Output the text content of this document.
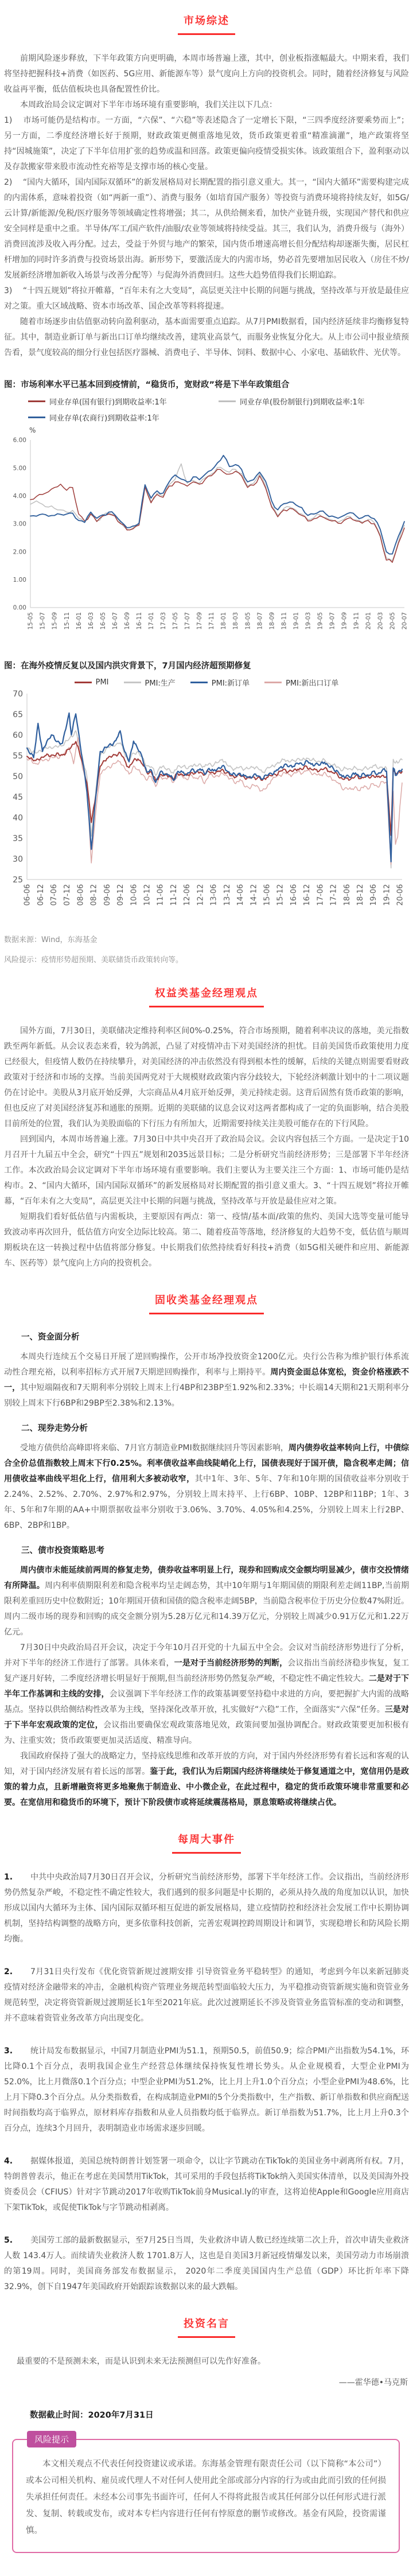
市场综述

前期风险逐步释放，下半年政策方向更明确，本周市场普遍上涨，其中，创业板指涨幅最大。中期来看，我们将坚持把握科技+消费（如医药、5G应用、新能源车等）景气度向上方向的投资机会。同时，随着经济修复与风险收益再平衡，低估值板块也具备配置性价比。

本周政治局会议定调对下半年市场环境有重要影响，我们关注以下几点：

1)　 市场可能仍是结构市。一方面，“六保”、“六稳”等表述隐含了一定增长下限，“三四季度经济要乘势而上”；另一方面，二季度经济增长好于预期，财政政策更侧重落地见效，货币政策更着重“精准滴灌”，地产政策将坚持“因城施策”，决定了下半年信用扩张的趋势或温和回落。政策更偏向疫情受损实体。该政策组合下，盈利驱动以及存款搬家带来股市流动性充裕等是支撑市场的核心变量。

2)　 “国内大循环，国内国际双循环”的新发展格局对长期配置的指引意义重大。其一，“国内大循环”需要构建完成的内需体系，意味着投资（如“两新一重”）、消费与服务（如培育国产服务）等投资与消费环境将持续友好，如5G/云计算/新能源/免税/医疗服务等领域确定性将增强；其二，从供给侧来看，加快产业链升级，实现国产替代和供应安全同样是重中之重。半导体/军工/国产软件/油服/农业等领域将持续受益。其三，我们认为，消费升级与（海外）消费回流涉及收入再分配。过去，受益于外贸与地产的繁荣，国内货币增速高增长但分配结构却逐渐失衡，居民杠杆增加的同时许多消费与投资场景出海。新形势下，要激活庞大的内需市场，势必首先要增加居民收入（房住不炒/发展新经济增加新收入场景与改善分配等）与促海外消费回归。这些大趋势值得我们长期追踪。

3)　 “十四五规划”将拉开帷幕，“百年未有之大变局”，高层更关注中长期的问题与挑战，坚持改革与开放是最佳应对之策。重大区域战略、资本市场改革、国企改革等料将提速。

随着市场逐步由估值驱动转向盈利驱动，基本面需要重点追踪。从7月PMI数据看，国内经济延续非均衡修复特征。其中，制造业新订单与新出口订单均继续改善，建筑业高景气，而服务业恢复分化大。从上市公司中报业绩预告看，景气度较高的细分行业包括医疗器械、消费电子、半导体、饲料、数据中心、小家电、基础软件、光伏等。

图：市场利率水平已基本回到疫情前，“稳货币，宽财政”将是下半年政策组合
同业存单(国有银行)到期收益率:1年	同业存单(股份制银行)到期收益率:1年
同业存单(农商行)到期收益率:1年
%
0.00
1.00
2.00
3.00
4.00
5.00
6.00
15-05 15-07 15-09 15-11 16-01 16-03 16-05 16-07 16-09 16-11 17-01 17-03 17-05 17-07 17-09 17-11 18-01 18-03 18-05 18-07 18-09 18-11 19-01 19-03 19-05 19-07 19-09 19-11 20-01 20-03 20-05 20-07
图：在海外疫情反复以及国内洪灾背景下，7月国内经济超预期修复
PMI	PMI:生产	PMI:新订单	PMI:新出口订单
25
30
35
40
45
50
55
60
65
70
06-06 06-12 07-06 07-12 08-06 08-12 09-06 09-12 10-06 10-12 11-06 11-12 12-06 12-12 13-06 13-12 14-06 14-12 15-06 15-12 16-06 16-12 17-06 17-12 18-06 18-12 19-06 19-12 20-06
数据来源：Wind，东海基金
风险提示：疫情形势超预期、美联储货币政策转向等。
权益类基金经理观点

国外方面，7月30日，美联储决定维持利率区间0%-0.25%，符合市场预期，随着利率决议的落地，美元指数跌至两年新低。从会议表态来看，较为鸽派，凸显了对疫情冲击下对美国经济的担忧。目前美国货币政策使用力度已经很大，但疫情人数仍在持续攀升，对美国经济的冲击依然没有得到根本性的缓解，后续的关键点则需要看财政政策对于经济和市场的支撑。当前美国两党对于大规模财政政策内容分歧较大，下轮经济刺激计划中的十二项议题仍在讨论中。美股从3月底开始反弹，大宗商品从4月底开始反弹，美元持续走弱。这背后固然有货币政策的影响，但也反应了对美国经济复苏和通胀的预期。近期的美联储的议息会议对这两者都构成了一定的负面影响，结合美股目前所处的位置，我们认为美股面临的下行压力有所加大，近期需要持续关注美股可能存在的下行风险。

回到国内，本周市场普遍上涨。7月30日中共中央召开了政治局会议。会议内容包括三个方面。一是决定于10月召开十九届五中全会，研究“十四五”规划和2035远景目标；二是分析研究当前经济形势；三是部署下半年经济工作。本次政治局会议定调对下半年市场环境有重要影响。我们主要认为主要关注三个方面：1、市场可能仍是结构市。2、“国内大循环，国内国际双循环”的新发展格局对长期配置的指引意义重大。3、“十四五规划”将拉开帷幕，“百年未有之大变局”，高层更关注中长期的问题与挑战，坚持改革与开放是最佳应对之策。

短期我们看好低估值与内需板块，主要原因有两点：第一、疫情/基本面/政策的焦灼、美国大选等变量可能导致波动率再次回升，低估值方向安全边际比较高。第二、随着疫苗等落地，经济修复的大趋势不变，低估值与顺周期板块在这一转换过程中估值将部分修复。中长期我们依然持续看好科技+消费（如5G相关硬件和应用、新能源车、医药等）景气度向上方向的投资机会。

固收类基金经理观点

一、资金面分析

本周央行连续五个交易日开展了逆回购操作，公开市场净投放资金1200亿元。央行公告称为维护银行体系流动性合理充裕，以利率招标方式开展7天期逆回购操作，利率与上期持平。周内资金面总体宽松，资金价格涨跌不一，其中短端隔夜和7天期利率分别较上周末上行4BP和23BP至1.92%和2.33%；中长端14天期和21天期利率分别较上周末下行6BP和29BP至2.38%和2.13%。

二、现券走势分析

受地方债供给高峰即将来临、7月官方制造业PMI数据继续回升等因素影响，周内债券收益率转向上行，中债综合全价总值指数较上周末下行0.25%。利率债收益率曲线陡峭化上行，国债表现好于国开债，隐含税率走阔；信用债收益率曲线平坦化上行，信用利大多被动收窄，其中1年、3年、5年、7年和10年期的国债收益率分别收于2.24%、2.52%、2.70%、2.97%和2.97%，分别较上周末持平、上行6BP、10BP、12BP和11BP；1年、3年、5年和7年期的AA+中期票据收益率分别收于3.06%、3.70%、4.05%和4.25%，分别较上周末上行2BP、6BP、2BP和1BP。

三、债市投资策略思考

周内债市未能延续前两周的修复走势，债券收益率明显上行，现券和回购成交金额均明显减少，债市交投情绪有所降温。周内利率债期限利差和隐含税率均呈走阔态势，其中10年期与1年期国债的期限利差走阔11BP,当前期限利差重回历史中位数附近；10年期国开债和国债的隐含税率走阔5BP，当前隐含税率位于历史分位数47%附近。周内二级市场的现券和回购的成交金额分别为5.28万亿元和14.39万亿元，分别较上周减少0.91万亿元和1.22万亿元。

7月30日中央政治局召开会议，决定于今年10月召开党的十九届五中全会。会议对当前经济形势进行了分析，并对下半年的经济工作进行了部署。具体来看，一是对于当前经济形势的判断，会议指出当前经济稳步恢复，复工复产逐月好转，二季度经济增长明显好于预期,但当前经济形势仍然复杂严峻，不稳定性不确定性较大。二是对于下半年工作基调和主线的安排，会议强调下半年经济工作的政策基调要坚持稳中求进的方向，要把握扩大内需的战略基点。坚持以供给侧结构性改革为主线，坚持深化改革开放，扎实做好“六稳”工作，全面落实“六保”任务。三是对于下半年宏观政策的定位，会议指出要确保宏观政策落地见效，政策间要加强协调配合。财政政策要更加积极有为、注重实效；货币政策要更加灵活适度、精准导向。

我国政府保持了强大的战略定力，坚持底线思维和改革开放的方向，对于国内外经济形势有着长远和客观的认知，对于国内经济发展有着长远的部署。鉴于此，我们认为后期国内经济将继续处于修复通道之中，宽信用仍是政策的着力点，且新增融资将更多地聚焦于制造业、中小微企业，在此过程中，稳定的货币政策环境非常重要和必要。在宽信用和稳货币的环境下，预计下阶段债市或将延续震荡格局，票息策略或将继续占优。

每周大事件

1. 中共中央政治局7月30日召开会议，分析研究当前经济形势，部署下半年经济工作。会议指出，当前经济形势仍然复杂严峻，不稳定性不确定性较大，我们遇到的很多问题是中长期的，必须从持久战的角度加以认识，加快形成以国内大循环为主体、国内国际双循环相互促进的新发展格局，建立疫情防控和经济社会发展工作中长期协调机制，坚持结构调整的战略方向，更多依靠科技创新，完善宏观调控跨周期设计和调节，实现稳增长和防风险长期均衡。

2. 7月31日央行发布《优化资管新规过渡期安排 引导资管业务平稳转型》的通知，考虑到今年以来新冠肺炎疫情对经济金融带来的冲击，金融机构资产管理业务规范转型面临较大压力，为平稳推动资管新规实施和资管业务规范转型，决定将资管新规过渡期延长1年至2021年底。此次过渡期延长不涉及资管业务监管标准的变动和调整，并不意味着资管业务改革方向出现变化。

3. 统计局发布数据显示，中国7月制造业PMI为51.1，预期50.5，前值50.9；综合PMI产出指数为54.1%，环比降0.1个百分点，表明我国企业生产经营总体继续保持恢复性增长势头。从企业规模看，大型企业PMI为52.0%，比上月微落0.1个百分点；中型企业PMI为51.2%，比上月上升1.0个百分点；小型企业PMI为48.6%，比上月下降0.3个百分点。从分类指数看，在构成制造业PMI的5个分类指数中，生产指数、新订单指数和供应商配送时间指数均高于临界点，原材料库存指数和从业人员指数均低于临界点。新订单指数为51.7%，比上月上升0.3个百分点，连续3个月回升，表明制造业市场需求逐步回暖。

4. 据媒体报道，美国总统特朗普计划签署一项命令，以让字节跳动在TikTok的美国业务中剥离所有权。7月，特朗普曾表示，他正在考虑在美国禁用TikTok，其可采用的手段包括将TikTok纳入美国实体清单，以及美国海外投资委员会（CFIUS）针对字节跳动2017年收购TikTok前身Musical.ly的审查，这将迫使Apple和Google应用商店下架TikTok，或促使TikTok与字节跳动相剥离。

5. 美国劳工部的最新数据显示，至7月25日当周，失业救济申请人数已经连续第二次上升，首次申请失业救济人数 143.4万人。而续请失业救济人数 1701.8万人，这也是自美国3月新冠疫情爆发以来，美国劳动力市场崩溃的第19周。同时，美国商务部发布数据显示， 2020年二季度美国国内生产总值（GDP）环比折年率下降32.9%，创下自1947年美国政府开始跟踪该数据以来的最大跌幅。

投资名言

最重要的不是预测未来，而是认识到未来无法预测但可以先作好准备。

——霍华德•马克斯

数据截止时间：2020年7月31日
风险提示

本文相关观点不代表任何投资建议或承诺。东海基金管理有限责任公司（以下简称“本公司”）或本公司相关机构、雇员或代理人不对任何人使用此全部或部分内容的行为或由此而引致的任何损失承担任何责任。未经本公司事先书面许可，任何人不得将此报告或其任何部分以任何形式进行派发、复制、转载或发布，或对本专栏内容进行任何有悖原意的删节或修改。基金有风险，投资需谨慎。
